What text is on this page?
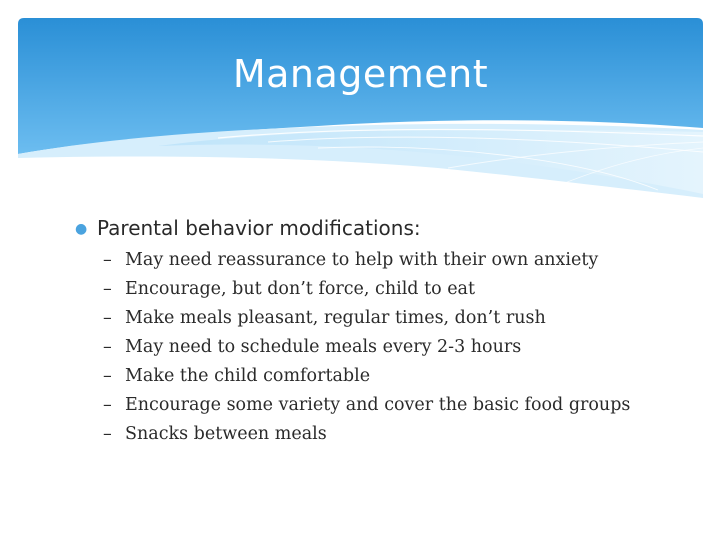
Management
● Parental behavior modifications:
– May need reassurance to help with their own anxiety
– Encourage, but don’t force, child to eat
– Make meals pleasant, regular times, don’t rush
– May need to schedule meals every 2-3 hours
– Make the child comfortable
– Encourage some variety and cover the basic food groups
– Snacks between meals
